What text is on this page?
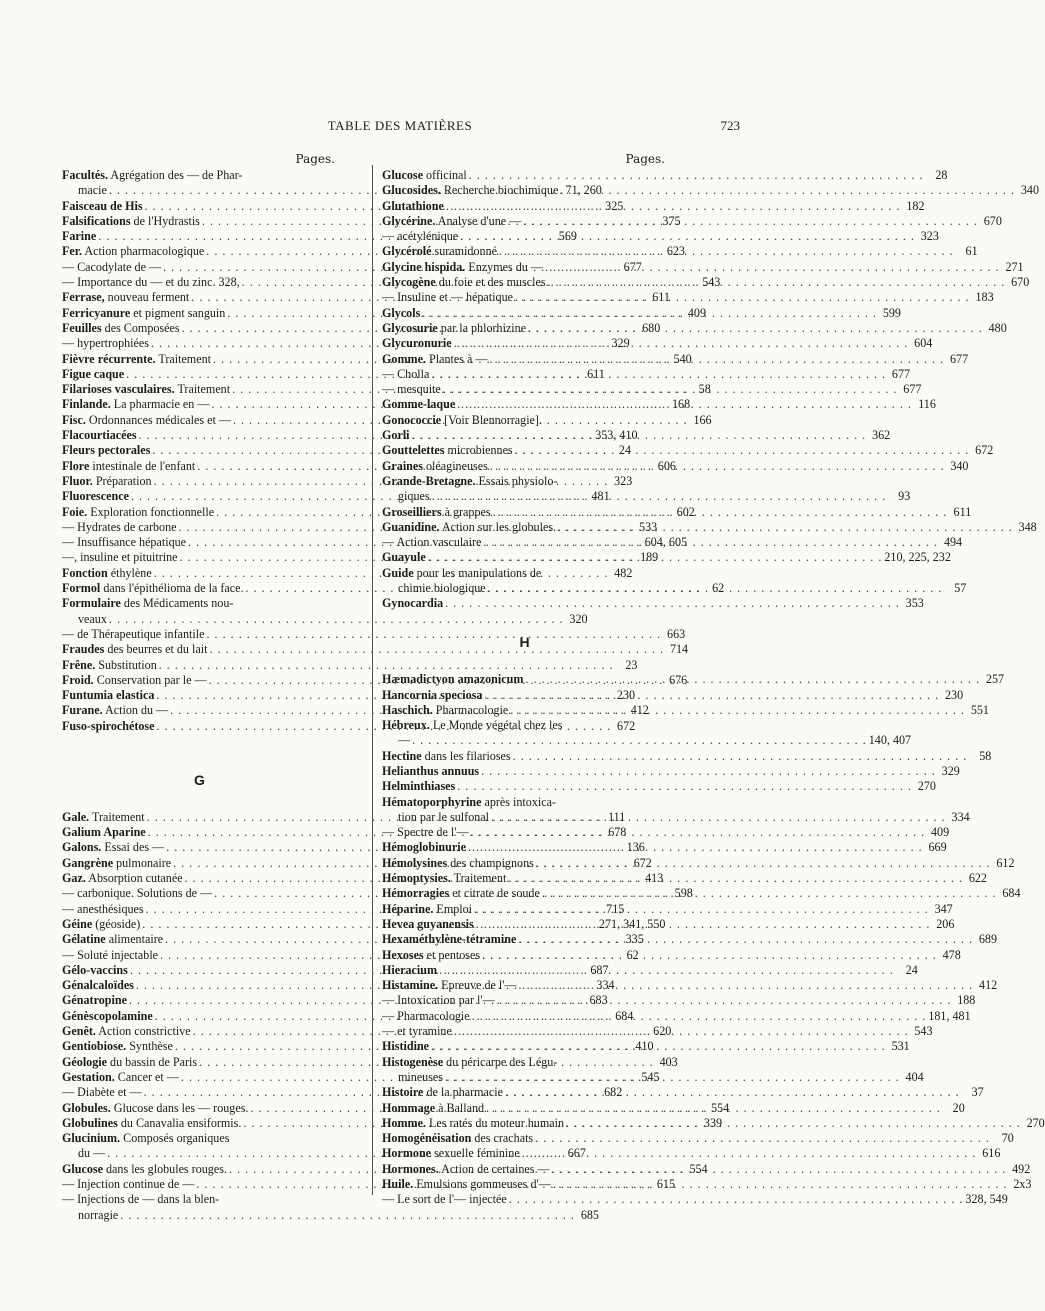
TABLE DES MATIÈRES	723
Pages.
Facultés. Agrégation des — de Phar-
macie . . .	71, 260
Faisceau de His . . .	325
Falsifications de l'Hydrastis . . .	375
Farine . . .	569
Fer. Action pharmacologique . . .	623
— Cacodylate de — . . .	677
— Importance du — et du zinc. 328, . . .	543
Ferrase, nouveau ferment . . .	611
Ferricyanure et pigment sanguin . . .	409
Feuilles des Composées . . .	680
— hypertrophiées . . .	329
Fièvre récurrente. Traitement . . .	540
Figue caque . . .	611
Filarioses vasculaires. Traitement . . .	58
Finlande. La pharmacie en — . . .	168
Fisc. Ordonnances médicales et — . . .	166
Flacourtiacées . . .	353, 410
Fleurs pectorales . . .	24
Flore intestinale de l'enfant . . .	606
Fluor. Préparation . . .	323
Fluorescence . . .	481
Foie. Exploration fonctionnelle . . .	602
— Hydrates de carbone . . .	533
— Insuffisance hépatique . . .	604, 605
—, insuline et pituitrine . . .	189
Fonction éthylène . . .	482
Formol dans l'épithélioma de la face. . . .	62
Formulaire des Médicaments nou-
veaux . . .	320
— de Thérapeutique infantile . . .	663
Fraudes des beurres et du lait . . .	714
Frêne. Substitution . . .	23
Froid. Conservation par le — . . .	676
Funtumia elastica . . .	230
Furane. Action du — . . .	412
Fuso-spirochétose . . .	672
G
Gale. Traitement . . .	111
Galium Aparine . . .	678
Galons. Essai des — . . .	136
Gangrène pulmonaire . . .	672
Gaz. Absorption cutanée . . .	413
— carbonique. Solutions de — . . .	598
— anesthésiques . . .	715
Géine (géoside) . . .	271, 341, 550
Gélatine alimentaire . . .	335
— Soluté injectable . . .	62
Gélo-vaccins . . .	687
Génalcaloïdes . . .	334
Génatropine . . .	683
Génèscopolamine . . .	684
Genêt. Action constrictive . . .	620
Gentiobiose. Synthèse . . .	410
Géologie du bassin de Paris . . .	403
Gestation. Cancer et — . . .	545
— Diabète et — . . .	682
Globules. Glucose dans les — rouges. . . .	554
Globulines du Canavalia ensiformis. . . .	339
Glucinium. Composés organiques
du — . . .	667
Glucose dans les globules rouges. . . .	554
— Injection continue de — . . .	615
— Injections de — dans la blen-
norragie . . .	685
Pages.
Glucose officinal . . .	28
Glucosides. Recherche biochimique . . .	340
Glutathione . . .	182
Glycérine. Analyse d'une — . . .	670
— acétylénique . . .	323
Glycérolé suramidonné . . .	61
Glycine hispida. Enzymes du — . . .	271
Glycogène du foie et des muscles. . . .	670
— Insuline et — hépatique . . .	183
Glycols . . .	599
Glycosurie par la phlorhizine . . .	480
Glycuronurie . . .	604
Gomme. Plantes à — . . .	677
— Cholla . . .	677
— mesquite . . .	677
Gomme-laque . . .	116
Gonococcie [Voir Blennorragie].
Gorli . . .	362
Gouttelettes microbiennes . . .	672
Graines oléagineuses . . .	340
Grande-Bretagne. Essais physiolo-
giques . . .	93
Groseilliers à grappes . . .	611
Guanidine. Action sur les globules. . . .	348
— Action vasculaire . . .	494
Guayule . . .	210, 225, 232
Guide pour les manipulations de
chimie biologique . . .	57
Gynocardia . . .	353
H
Hæmadictyon amazonicum . . .	257
Hancornia speciosa . . .	230
Haschich. Pharmacologie . . .	551
Hébreux. Le Monde végétal chez les
— . . .	140, 407
Hectine dans les filarioses . . .	58
Helianthus annuus . . .	329
Helminthiases . . .	270
Hématoporphyrine après intoxica-
tion par le sulfonal . . .	334
— Spectre de l'— . . .	409
Hémoglobinurie . . .	669
Hémolysines des champignons . . .	612
Hémoptysies. Traitement . . .	622
Hémorragies et citrate de soude . . .	684
Héparine. Emploi . . .	347
Hevea guyanensis . . .	206
Hexaméthylène-tétramine . . .	689
Hexoses et pentoses . . .	478
Hieracium . . .	24
Histamine. Epreuve de l'— . . .	412
— Intoxication par l'— . . .	188
— Pharmacologie . . .	181, 481
— et tyramine . . .	543
Histidine . . .	531
Histogenèse du péricarpe des Légu-
mineuses . . .	404
Histoire de la pharmacie . . .	37
Hommage à Balland . . .	20
Homme. Les ratés du moteur humain . . .	270
Homogénéisation des crachats . . .	70
Hormone sexuelle féminine . . .	616
Hormones. Action de certaines — . . .	492
Huile. Emulsions gommeuses d'— . . .	2x3
— Le sort de l'— injectée . . .	328, 549
